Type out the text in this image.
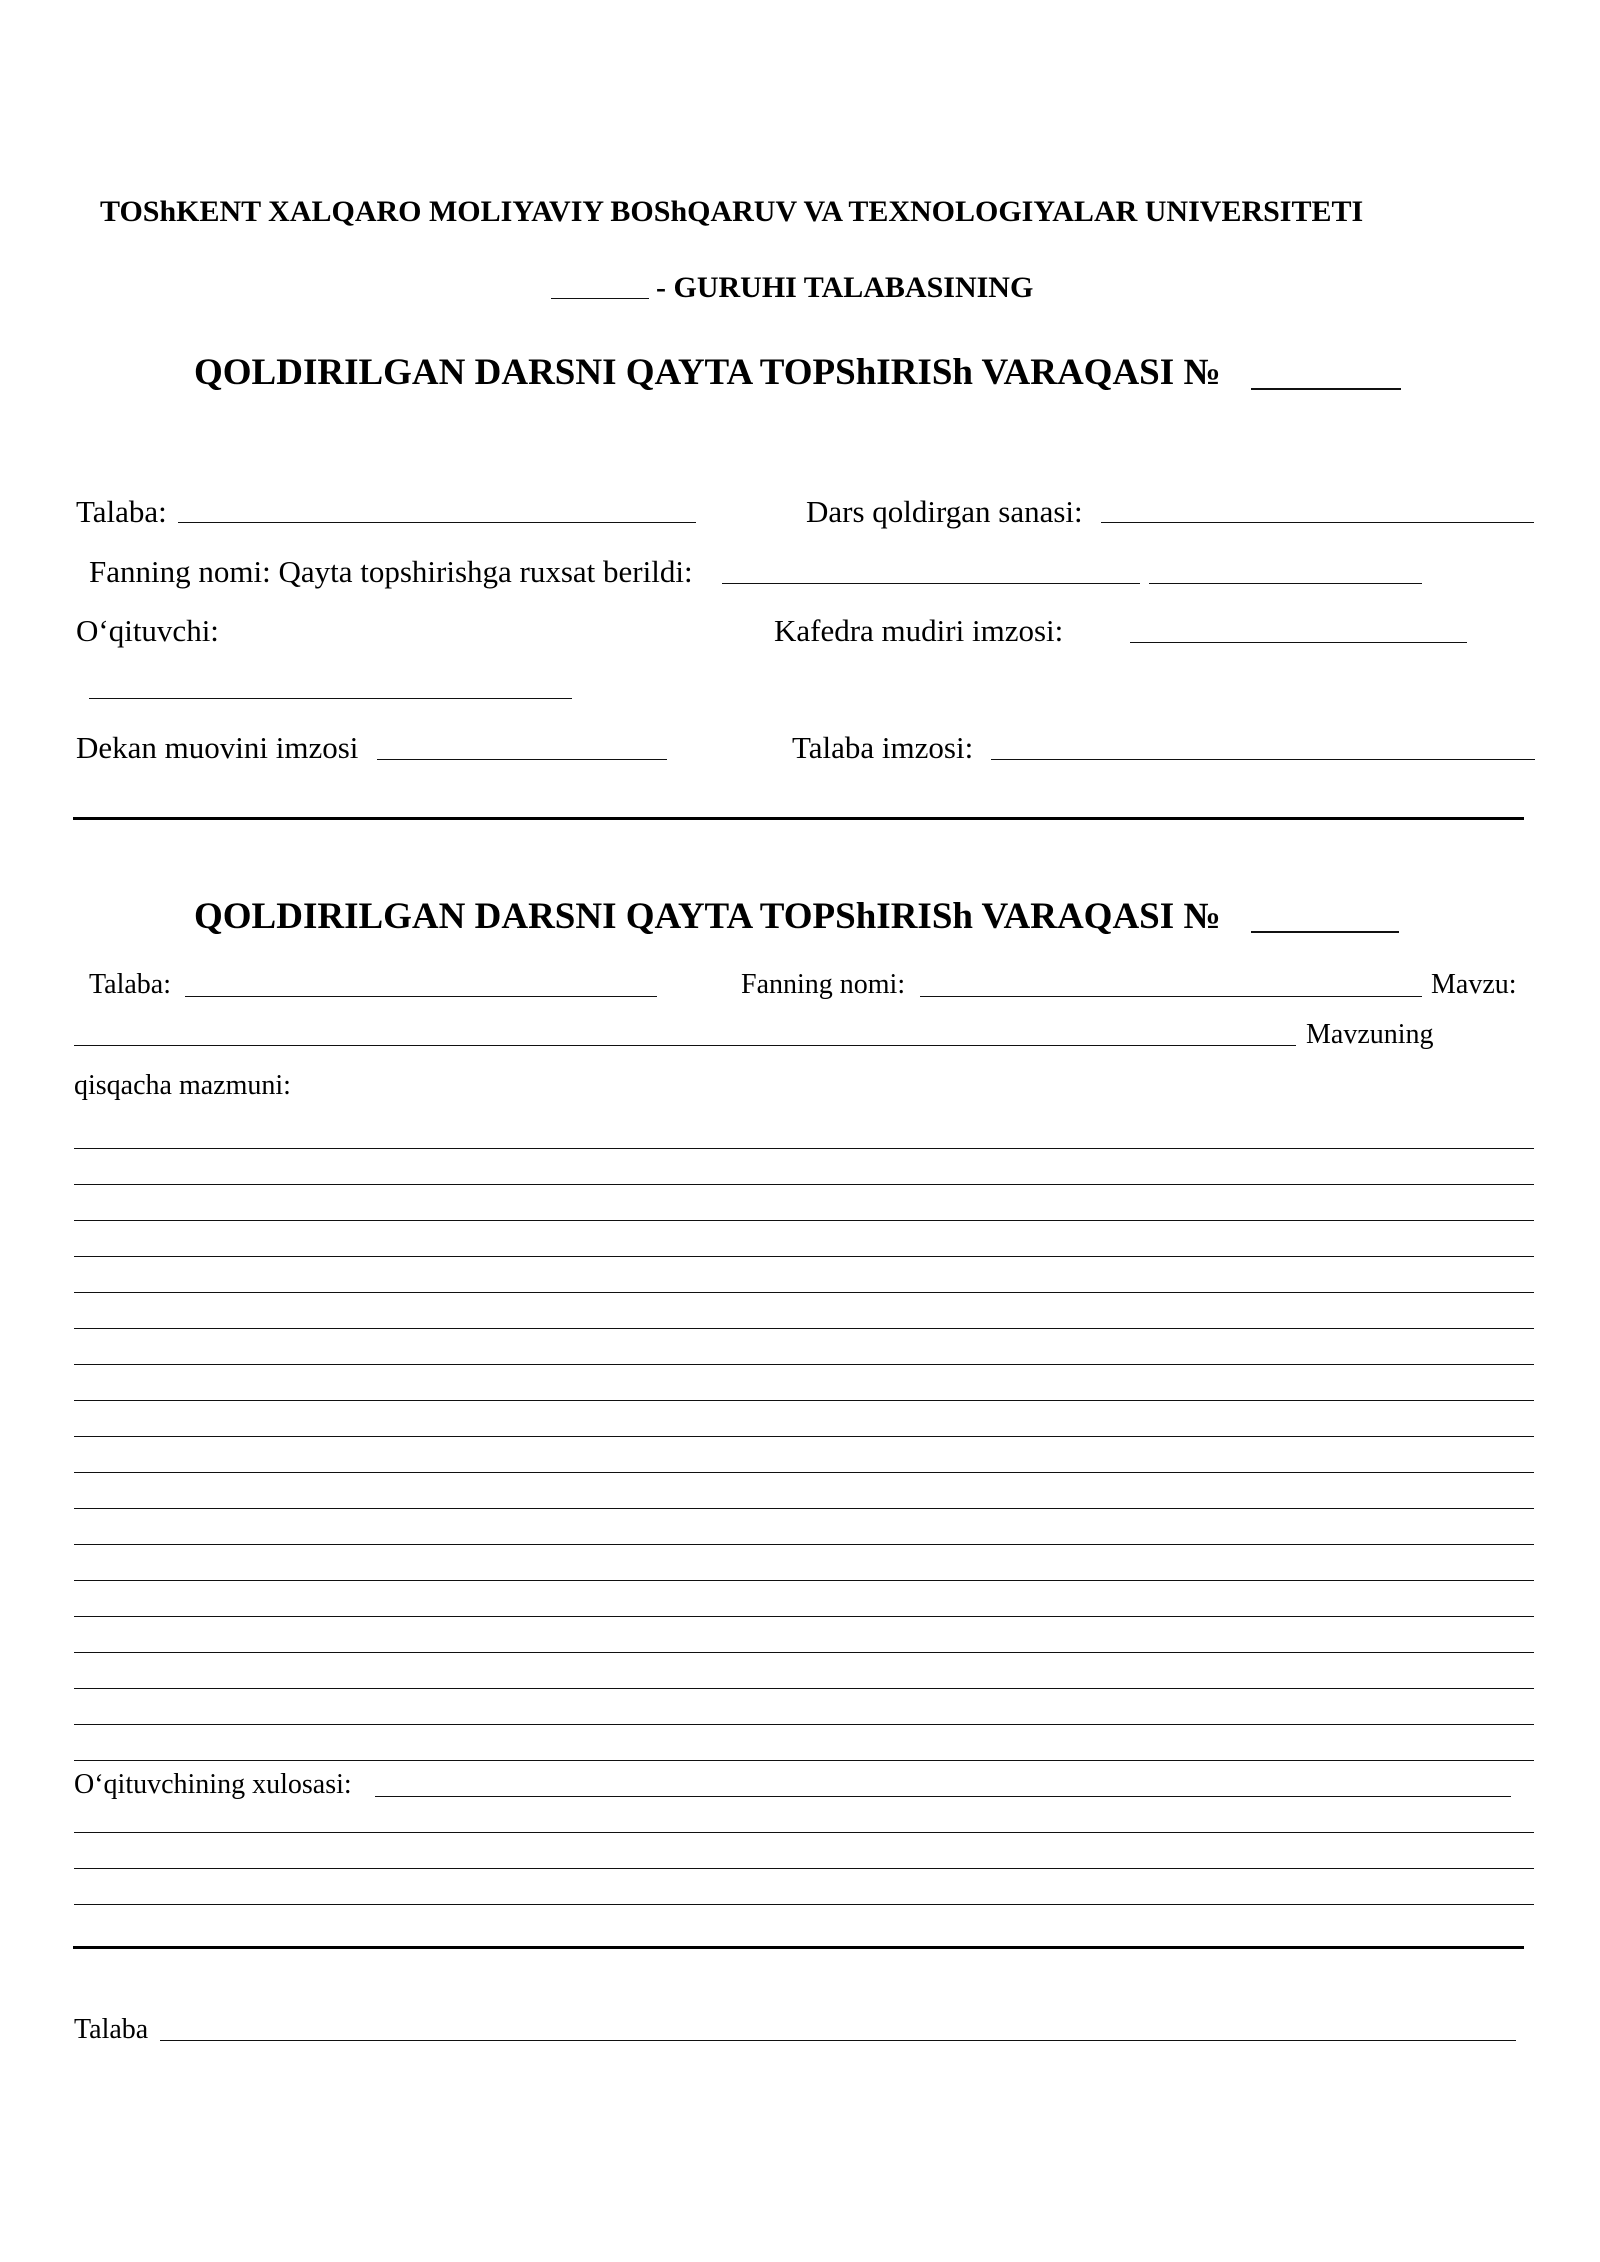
TOShKENT XALQARO MOLIYAVIY BOShQARUV VA TEXNOLOGIYALAR UNIVERSITETI
- GURUHI TALABASINING
QOLDIRILGAN DARSNI QAYTA TOPShIRISh VARAQASI №
Talaba:	Dars qoldirgan sanasi:
Fanning nomi: Qayta topshirishga ruxsat berildi:
O‘qituvchi:	Kafedra mudiri imzosi:
Dekan muovini imzosi	Talaba imzosi:
QOLDIRILGAN DARSNI QAYTA TOPShIRISh VARAQASI №
Talaba:	Fanning nomi:	Mavzu:
Mavzuning
qisqacha mazmuni:
O‘qituvchining xulosasi:
Talaba
